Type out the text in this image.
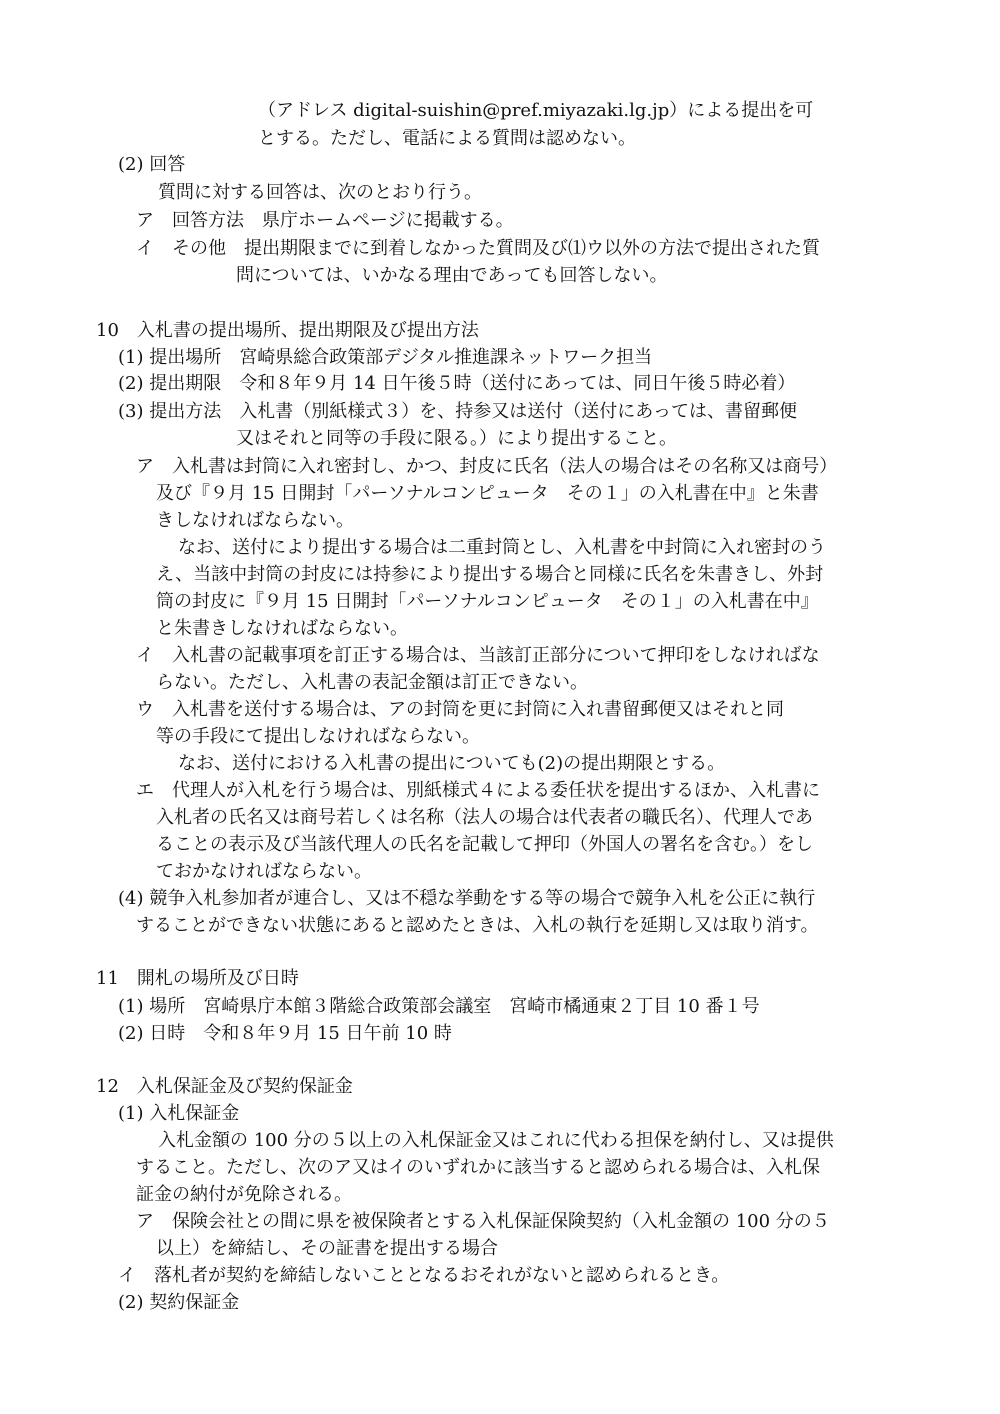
（アドレス digital-suishin@pref.miyazaki.lg.jp）による提出を可
とする。ただし、電話による質問は認めない。
(2) 回答
質問に対する回答は、次のとおり行う。
ア　回答方法　県庁ホームページに掲載する。
イ　その他　提出期限までに到着しなかった質問及び⑴ウ以外の方法で提出された質
問については、いかなる理由であっても回答しない。
10　入札書の提出場所、提出期限及び提出方法
(1) 提出場所　宮崎県総合政策部デジタル推進課ネットワーク担当
(2) 提出期限　令和８年９月 14 日午後５時（送付にあっては、同日午後５時必着）
(3) 提出方法　入札書（別紙様式３）を、持参又は送付（送付にあっては、書留郵便
又はそれと同等の手段に限る。）により提出すること。
ア　入札書は封筒に入れ密封し、かつ、封皮に氏名（法人の場合はその名称又は商号）
及び『９月 15 日開封「パーソナルコンピュータ　その１」の入札書在中』と朱書
きしなければならない。
なお、送付により提出する場合は二重封筒とし、入札書を中封筒に入れ密封のう
え、当該中封筒の封皮には持参により提出する場合と同様に氏名を朱書きし、外封
筒の封皮に『９月 15 日開封「パーソナルコンピュータ　その１」の入札書在中』
と朱書きしなければならない。
イ　入札書の記載事項を訂正する場合は、当該訂正部分について押印をしなければな
らない。ただし、入札書の表記金額は訂正できない。
ウ　入札書を送付する場合は、アの封筒を更に封筒に入れ書留郵便又はそれと同
等の手段にて提出しなければならない。
なお、送付における入札書の提出についても(2)の提出期限とする。
エ　代理人が入札を行う場合は、別紙様式４による委任状を提出するほか、入札書に
入札者の氏名又は商号若しくは名称（法人の場合は代表者の職氏名）、代理人であ
ることの表示及び当該代理人の氏名を記載して押印（外国人の署名を含む。）をし
ておかなければならない。
(4) 競争入札参加者が連合し、又は不穏な挙動をする等の場合で競争入札を公正に執行
することができない状態にあると認めたときは、入札の執行を延期し又は取り消す。
11　開札の場所及び日時
(1) 場所　宮崎県庁本館３階総合政策部会議室　宮崎市橘通東２丁目 10 番１号
(2) 日時　令和８年９月 15 日午前 10 時
12　入札保証金及び契約保証金
(1) 入札保証金
入札金額の 100 分の５以上の入札保証金又はこれに代わる担保を納付し、又は提供
すること。ただし、次のア又はイのいずれかに該当すると認められる場合は、入札保
証金の納付が免除される。
ア　保険会社との間に県を被保険者とする入札保証保険契約（入札金額の 100 分の５
以上）を締結し、その証書を提出する場合
イ　落札者が契約を締結しないこととなるおそれがないと認められるとき。
(2) 契約保証金
